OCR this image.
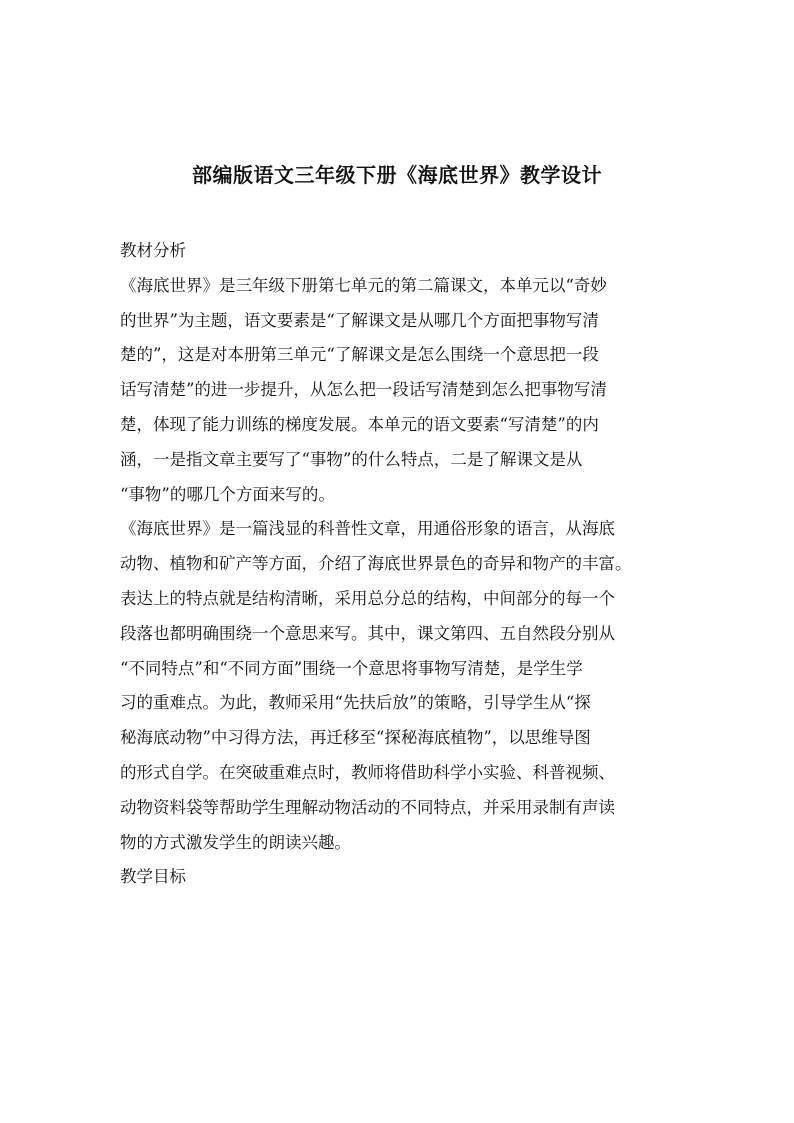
部编版语文三年级下册《海底世界》教学设计

教材分析

《海底世界》是三年级下册第七单元的第二篇课文，本单元以“奇妙

的世界”为主题，语文要素是“了解课文是从哪几个方面把事物写清

楚的”，这是对本册第三单元“了解课文是怎么围绕一个意思把一段

话写清楚”的进一步提升，从怎么把一段话写清楚到怎么把事物写清

楚，体现了能力训练的梯度发展。本单元的语文要素“写清楚”的内

涵，一是指文章主要写了“事物”的什么特点，二是了解课文是从

“事物”的哪几个方面来写的。

《海底世界》是一篇浅显的科普性文章，用通俗形象的语言，从海底

动物、植物和矿产等方面，介绍了海底世界景色的奇异和物产的丰富。

表达上的特点就是结构清晰，采用总分总的结构，中间部分的每一个

段落也都明确围绕一个意思来写。其中，课文第四、五自然段分别从

“不同特点”和“不同方面”围绕一个意思将事物写清楚，是学生学

习的重难点。为此，教师采用“先扶后放”的策略，引导学生从“探

秘海底动物”中习得方法，再迁移至“探秘海底植物”，以思维导图

的形式自学。在突破重难点时，教师将借助科学小实验、科普视频、

动物资料袋等帮助学生理解动物活动的不同特点，并采用录制有声读

物的方式激发学生的朗读兴趣。

教学目标
